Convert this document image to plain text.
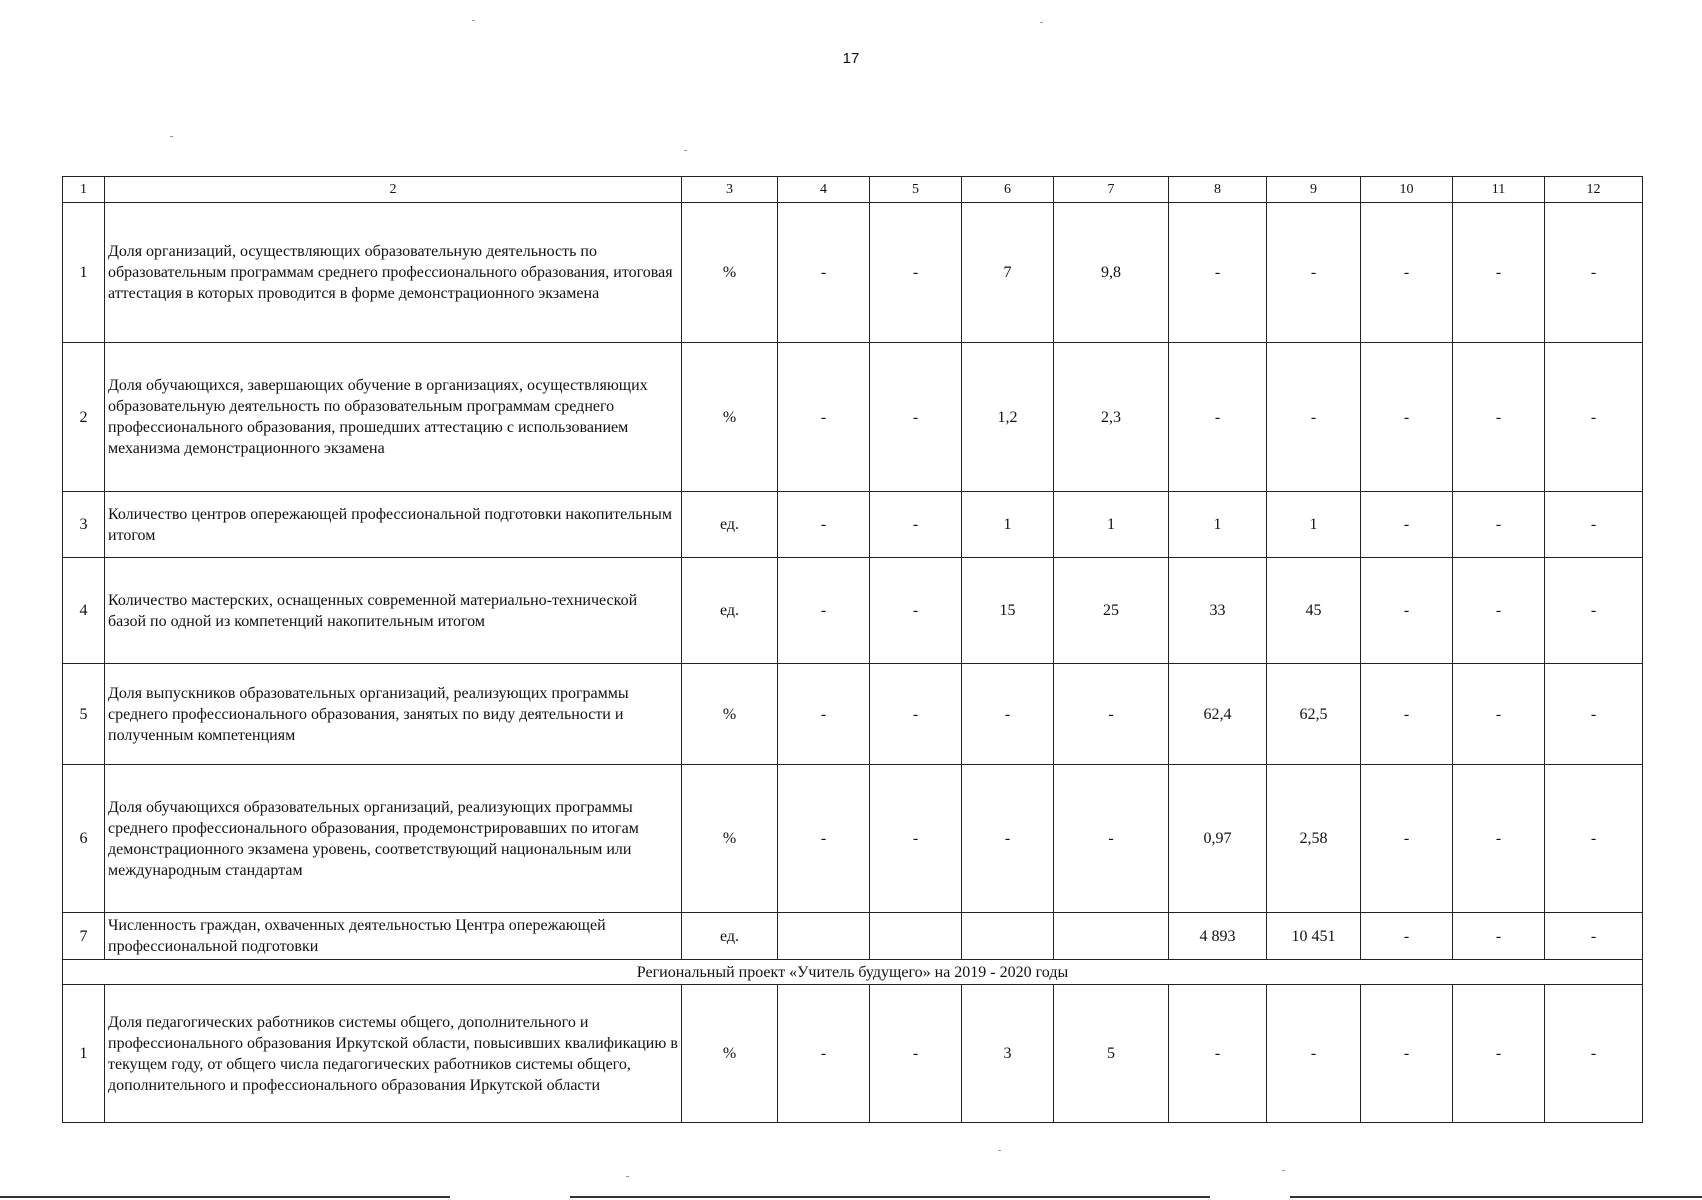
17
1	2	3	4	5	6	7	8	9	10	11	12
1	Доля организаций, осуществляющих образовательную деятельность по образовательным программам среднего профессионального образования, итоговая аттестация в которых проводится в форме демонстрационного экзамена	%	-	-	7	9,8	-	-	-	-	-
2	Доля обучающихся, завершающих обучение в организациях, осуществляющих образовательную деятельность по образовательным программам среднего профессионального образования, прошедших аттестацию с использованием механизма демонстрационного экзамена	%	-	-	1,2	2,3	-	-	-	-	-
3	Количество центров опережающей профессиональной подготовки накопительным итогом	ед.	-	-	1	1	1	1	-	-	-
4	Количество мастерских, оснащенных современной материально-технической базой по одной из компетенций накопительным итогом	ед.	-	-	15	25	33	45	-	-	-
5	Доля выпускников образовательных организаций, реализующих программы среднего профессионального образования, занятых по виду деятельности и полученным компетенциям	%	-	-	-	-	62,4	62,5	-	-	-
6	Доля обучающихся образовательных организаций, реализующих программы среднего профессионального образования, продемонстрировавших по итогам демонстрационного экзамена уровень, соответствующий национальным или международным стандартам	%	-	-	-	-	0,97	2,58	-	-	-
7	Численность граждан, охваченных деятельностью Центра опережающей профессиональной подготовки	ед.					4 893	10 451	-	-	-
Региональный проект «Учитель будущего» на 2019 - 2020 годы											
1	Доля педагогических работников системы общего, дополнительного и профессионального образования Иркутской области, повысивших квалификацию в текущем году, от общего числа педагогических работников системы общего, дополнительного и профессионального образования Иркутской области	%	-	-	3	5	-	-	-	-	-
